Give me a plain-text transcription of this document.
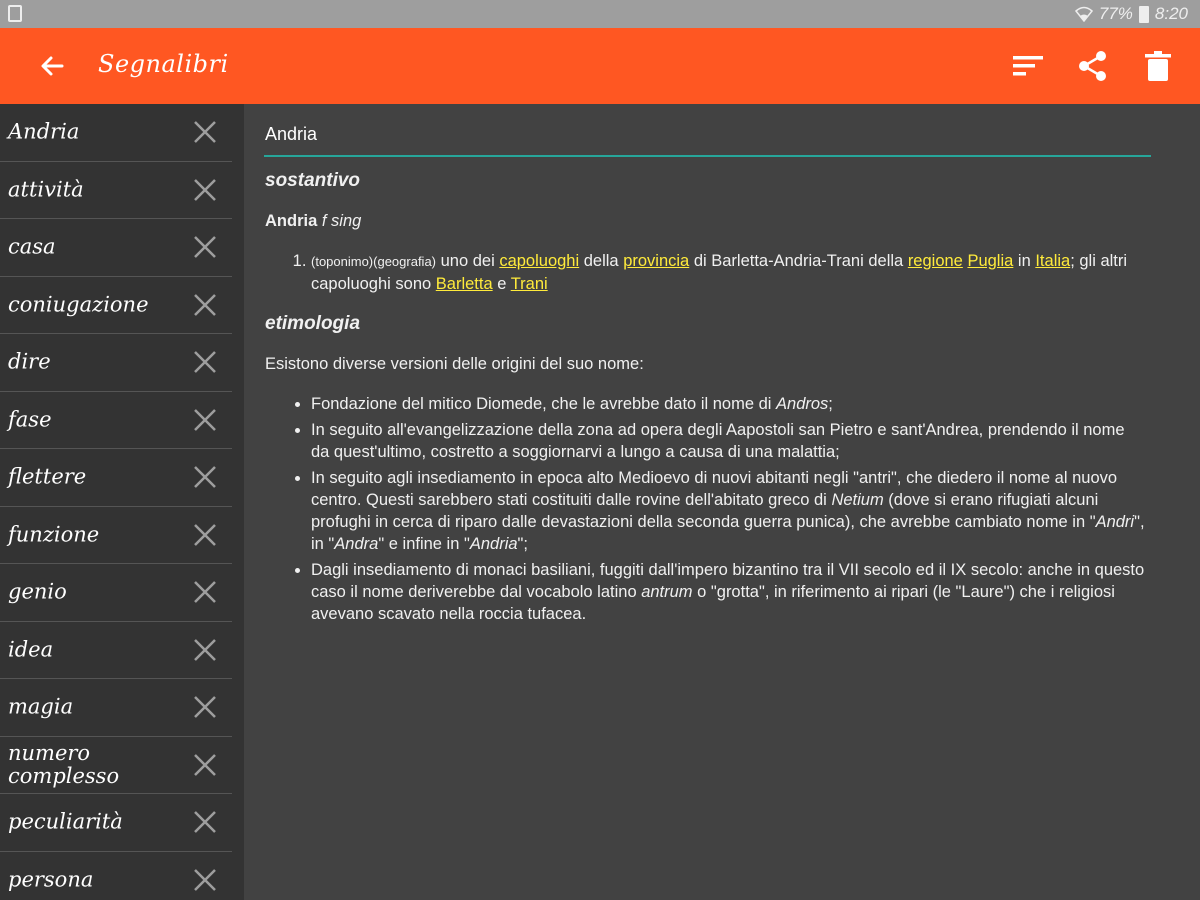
77% 8:20
Segnalibri
Andria
attività
casa
coniugazione
dire
fase
flettere
funzione
genio
idea
magia
numero complesso
peculiarità
persona
Andria
sostantivo
Andria f sing
1. (toponimo)(geografia) uno dei capoluoghi della provincia di Barletta-Andria-Trani della regione Puglia in Italia; gli altri capoluoghi sono Barletta e Trani
etimologia

Esistono diverse versioni delle origini del suo nome:

• Fondazione del mitico Diomede, che le avrebbe dato il nome di Andros;
• In seguito all'evangelizzazione della zona ad opera degli Aapostoli san Pietro e sant'Andrea, prendendo il nome da quest'ultimo, costretto a soggiornarvi a lungo a causa di una malattia;
• In seguito agli insediamento in epoca alto Medioevo di nuovi abitanti negli "antri", che diedero il nome al nuovo centro. Questi sarebbero stati costituiti dalle rovine dell'abitato greco di Netium (dove si erano rifugiati alcuni profughi in cerca di riparo dalle devastazioni della seconda guerra punica), che avrebbe cambiato nome in "Andri", in "Andra" e infine in "Andria";
• Dagli insediamento di monaci basiliani, fuggiti dall'impero bizantino tra il VII secolo ed il IX secolo: anche in questo caso il nome deriverebbe dal vocabolo latino antrum o "grotta", in riferimento ai ripari (le "Laure") che i religiosi avevano scavato nella roccia tufacea.
